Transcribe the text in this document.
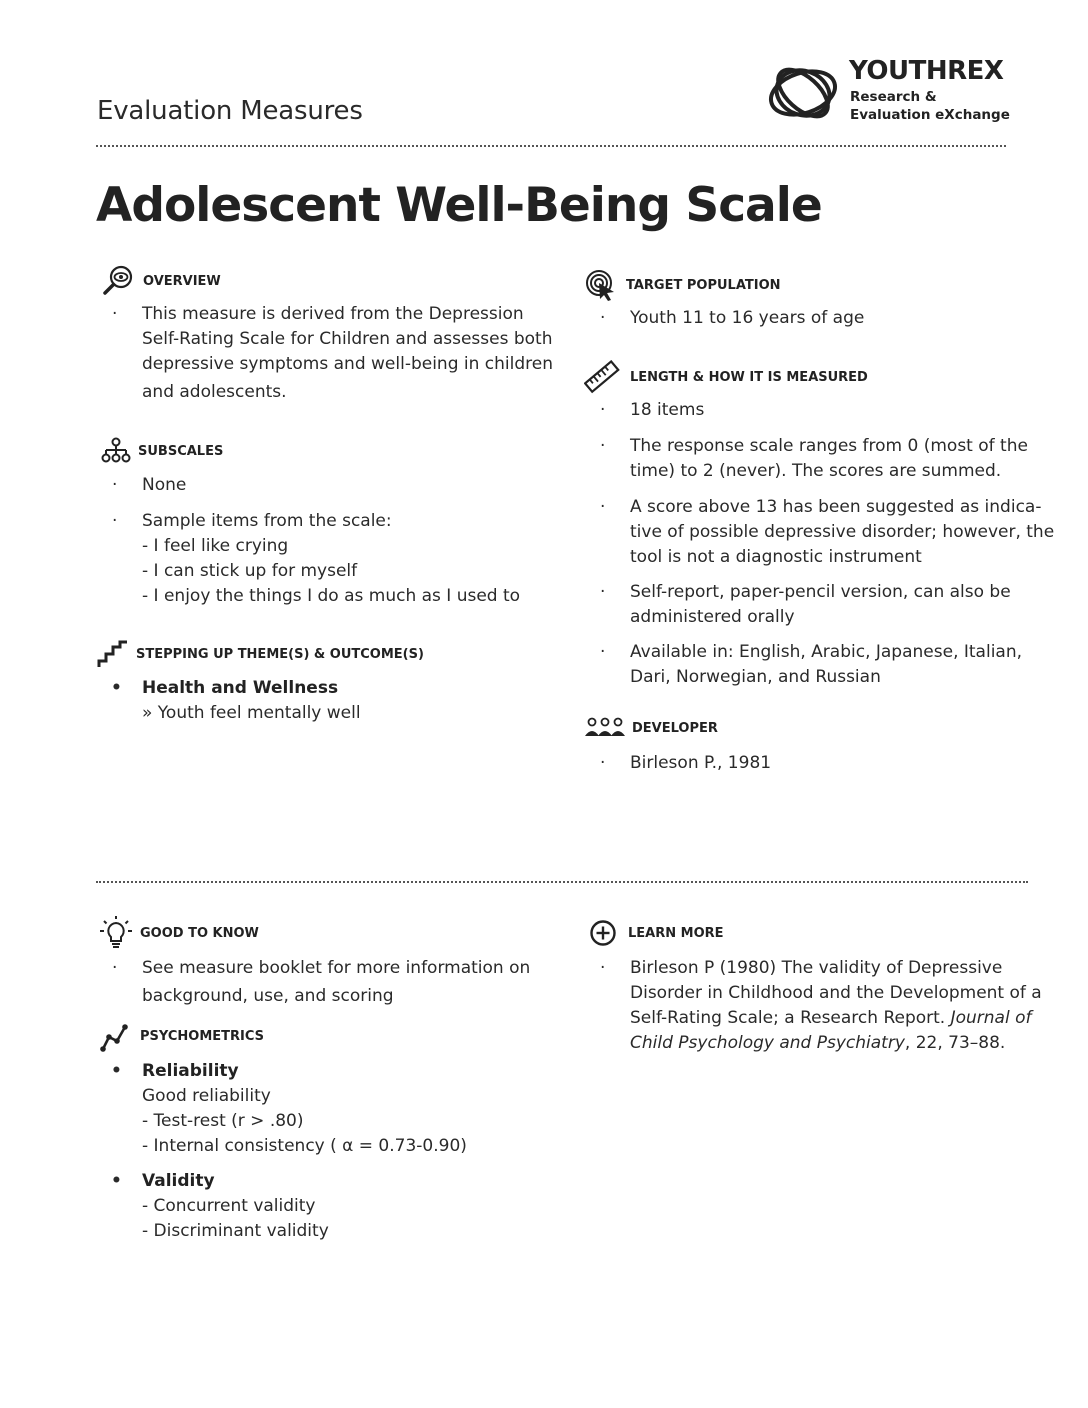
Evaluation Measures
YOUTHREX
Research &
Evaluation eXchange
Adolescent Well-Being Scale
OVERVIEW
· This measure is derived from the Depression
Self-Rating Scale for Children and assesses both
depressive symptoms and well-being in children
and adolescents.
SUBSCALES
· None
· Sample items from the scale:
- I feel like crying
- I can stick up for myself
- I enjoy the things I do as much as I used to
STEPPING UP THEME(S) & OUTCOME(S)
• Health and Wellness
» Youth feel mentally well
TARGET POPULATION
· Youth 11 to 16 years of age
LENGTH & HOW IT IS MEASURED
· 18 items
· The response scale ranges from 0 (most of the
time) to 2 (never). The scores are summed.
· A score above 13 has been suggested as indica-
tive of possible depressive disorder; however, the
tool is not a diagnostic instrument
· Self-report, paper-pencil version, can also be
administered orally
· Available in: English, Arabic, Japanese, Italian,
Dari, Norwegian, and Russian
DEVELOPER
· Birleson P., 1981
GOOD TO KNOW
· See measure booklet for more information on
background, use, and scoring
PSYCHOMETRICS
• Reliability
Good reliability
- Test-rest (r > .80)
- Internal consistency ( α = 0.73-0.90)
• Validity
- Concurrent validity
- Discriminant validity
LEARN MORE
· Birleson P (1980) The validity of Depressive
Disorder in Childhood and the Development of a
Self-Rating Scale; a Research Report. Journal of
Child Psychology and Psychiatry, 22, 73–88.
